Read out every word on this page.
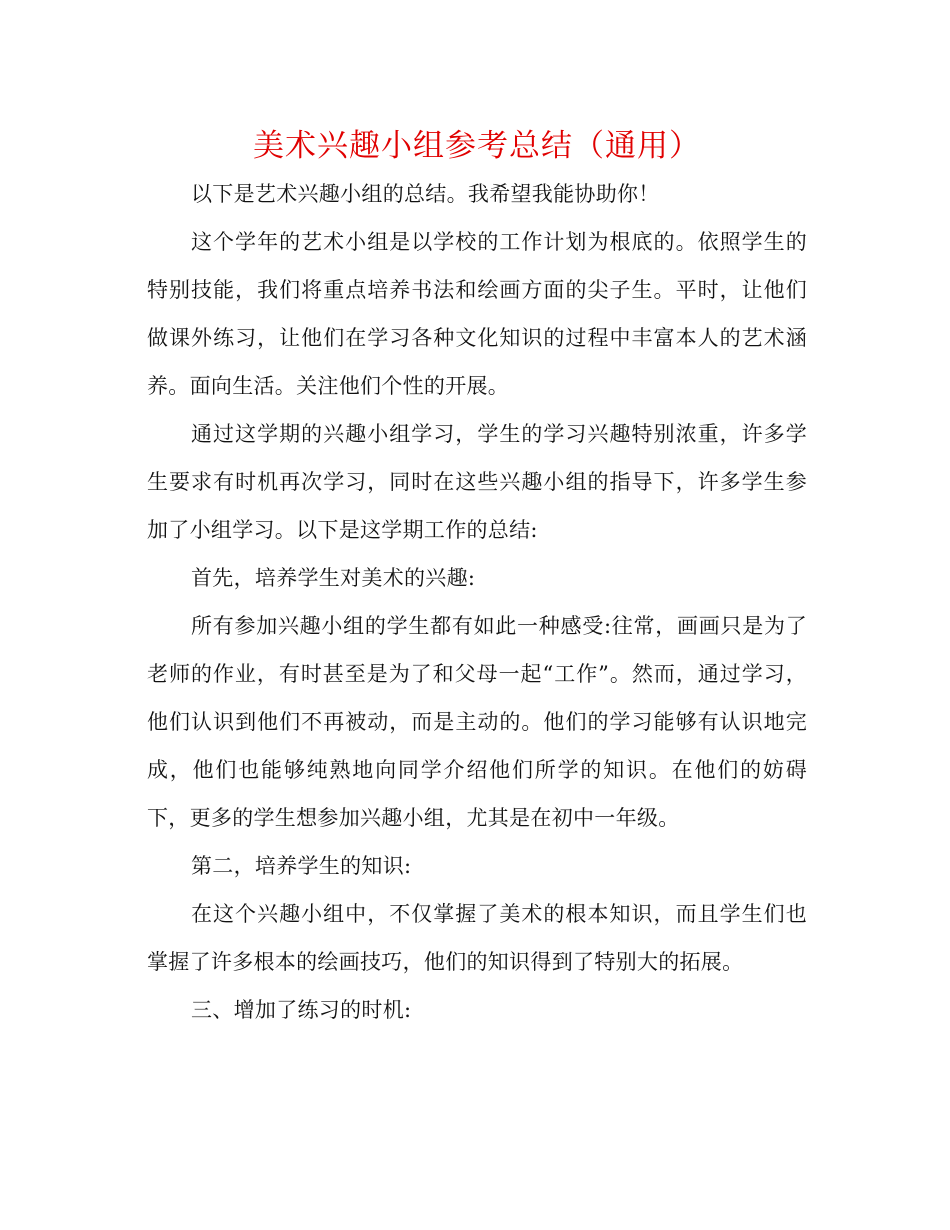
美术兴趣小组参考总结（通用）

以下是艺术兴趣小组的总结。我希望我能协助你！

这个学年的艺术小组是以学校的工作计划为根底的。依照学生的特别技能，我们将重点培养书法和绘画方面的尖子生。平时，让他们做课外练习，让他们在学习各种文化知识的过程中丰富本人的艺术涵养。面向生活。关注他们个性的开展。

通过这学期的兴趣小组学习，学生的学习兴趣特别浓重，许多学生要求有时机再次学习，同时在这些兴趣小组的指导下，许多学生参加了小组学习。以下是这学期工作的总结:

首先，培养学生对美术的兴趣:

所有参加兴趣小组的学生都有如此一种感受:往常，画画只是为了老师的作业，有时甚至是为了和父母一起“工作”。然而，通过学习，他们认识到他们不再被动，而是主动的。他们的学习能够有认识地完成，他们也能够纯熟地向同学介绍他们所学的知识。在他们的妨碍下，更多的学生想参加兴趣小组，尤其是在初中一年级。

第二，培养学生的知识:

在这个兴趣小组中，不仅掌握了美术的根本知识，而且学生们也掌握了许多根本的绘画技巧，他们的知识得到了特别大的拓展。

三、增加了练习的时机:
